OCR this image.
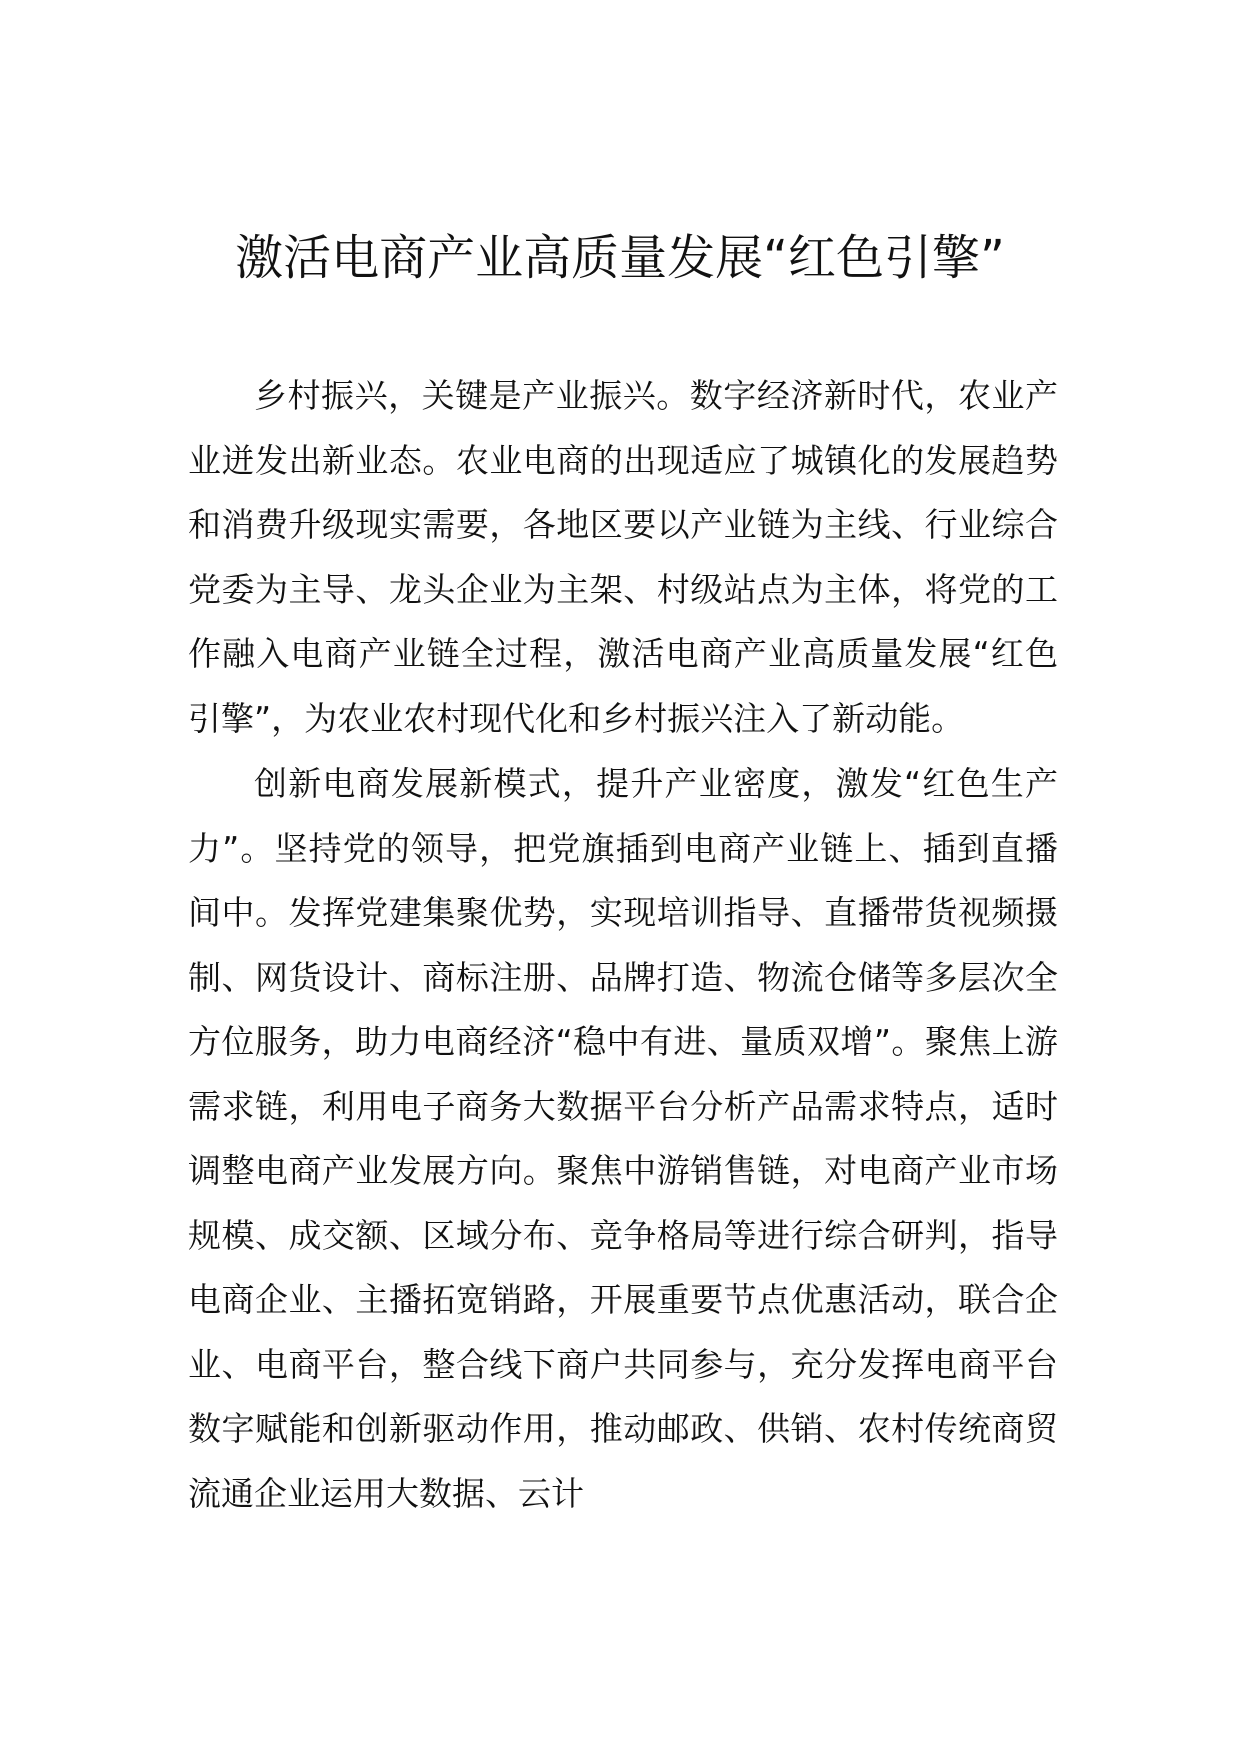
激活电商产业高质量发展“红色引擎”

乡村振兴，关键是产业振兴。数字经济新时代，农业产业迸发出新业态。农业电商的出现适应了城镇化的发展趋势和消费升级现实需要，各地区要以产业链为主线、行业综合党委为主导、龙头企业为主架、村级站点为主体，将党的工作融入电商产业链全过程，激活电商产业高质量发展“红色引擎”，为农业农村现代化和乡村振兴注入了新动能。

创新电商发展新模式，提升产业密度，激发“红色生产力”。坚持党的领导，把党旗插到电商产业链上、插到直播间中。发挥党建集聚优势，实现培训指导、直播带货视频摄制、网货设计、商标注册、品牌打造、物流仓储等多层次全方位服务，助力电商经济“稳中有进、量质双增”。聚焦上游需求链，利用电子商务大数据平台分析产品需求特点，适时调整电商产业发展方向。聚焦中游销售链，对电商产业市场规模、成交额、区域分布、竞争格局等进行综合研判，指导电商企业、主播拓宽销路，开展重要节点优惠活动，联合企业、电商平台，整合线下商户共同参与，充分发挥电商平台数字赋能和创新驱动作用，推动邮政、供销、农村传统商贸流通企业运用大数据、云计
